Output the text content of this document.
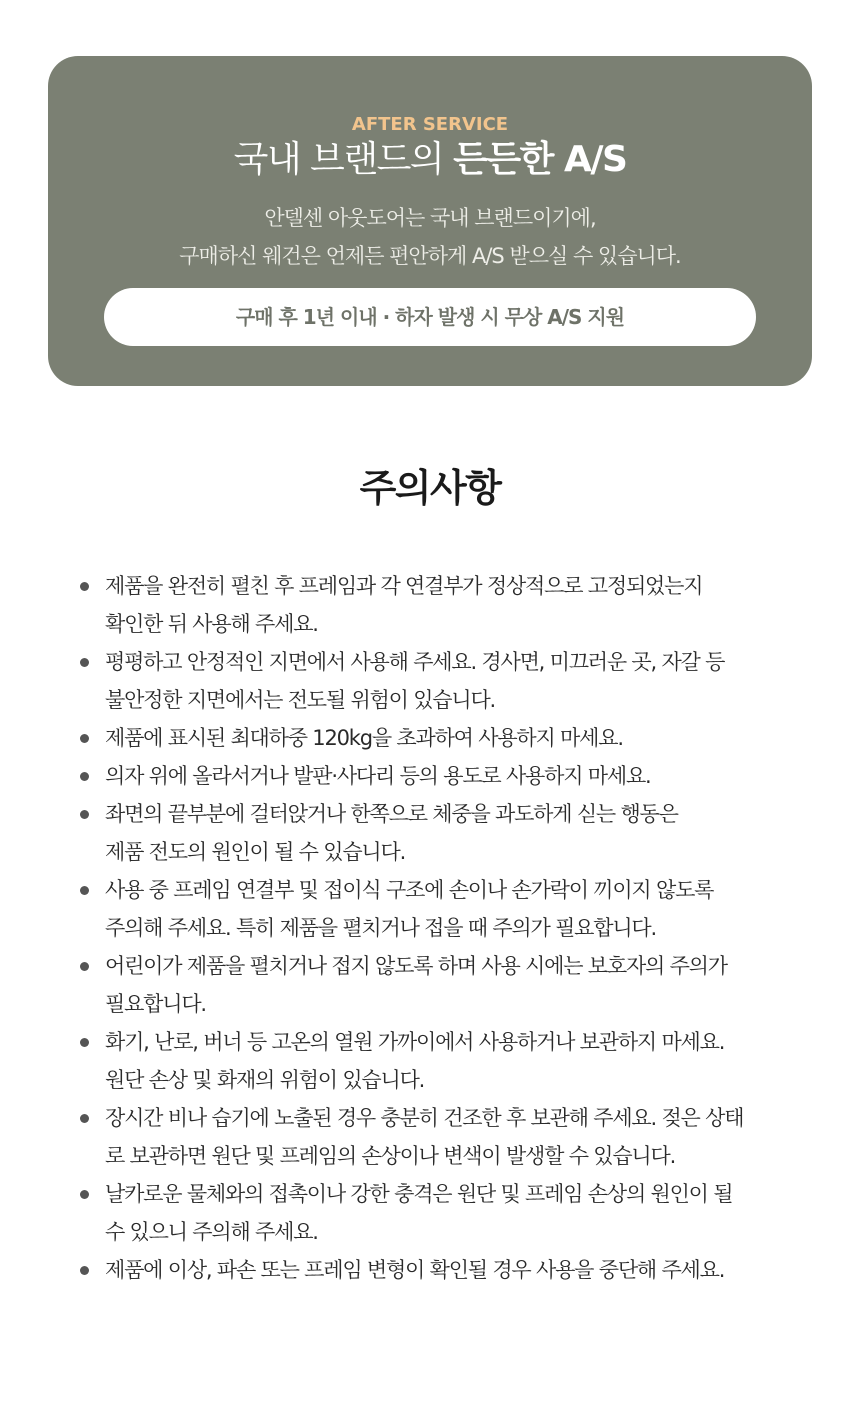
AFTER SERVICE
국내 브랜드의 든든한 A/S
안델센 아웃도어는 국내 브랜드이기에,
구매하신 웨건은 언제든 편안하게 A/S 받으실 수 있습니다.
구매 후 1년 이내 · 하자 발생 시 무상 A/S 지원
주의사항
제품을 완전히 펼친 후 프레임과 각 연결부가 정상적으로 고정되었는지
확인한 뒤 사용해 주세요.
평평하고 안정적인 지면에서 사용해 주세요. 경사면, 미끄러운 곳, 자갈 등
불안정한 지면에서는 전도될 위험이 있습니다.
제품에 표시된 최대하중 120kg을 초과하여 사용하지 마세요.
의자 위에 올라서거나 발판·사다리 등의 용도로 사용하지 마세요.
좌면의 끝부분에 걸터앉거나 한쪽으로 체중을 과도하게 싣는 행동은
제품 전도의 원인이 될 수 있습니다.
사용 중 프레임 연결부 및 접이식 구조에 손이나 손가락이 끼이지 않도록
주의해 주세요. 특히 제품을 펼치거나 접을 때 주의가 필요합니다.
어린이가 제품을 펼치거나 접지 않도록 하며 사용 시에는 보호자의 주의가
필요합니다.
화기, 난로, 버너 등 고온의 열원 가까이에서 사용하거나 보관하지 마세요.
원단 손상 및 화재의 위험이 있습니다.
장시간 비나 습기에 노출된 경우 충분히 건조한 후 보관해 주세요. 젖은 상태
로 보관하면 원단 및 프레임의 손상이나 변색이 발생할 수 있습니다.
날카로운 물체와의 접촉이나 강한 충격은 원단 및 프레임 손상의 원인이 될
수 있으니 주의해 주세요.
제품에 이상, 파손 또는 프레임 변형이 확인될 경우 사용을 중단해 주세요.
